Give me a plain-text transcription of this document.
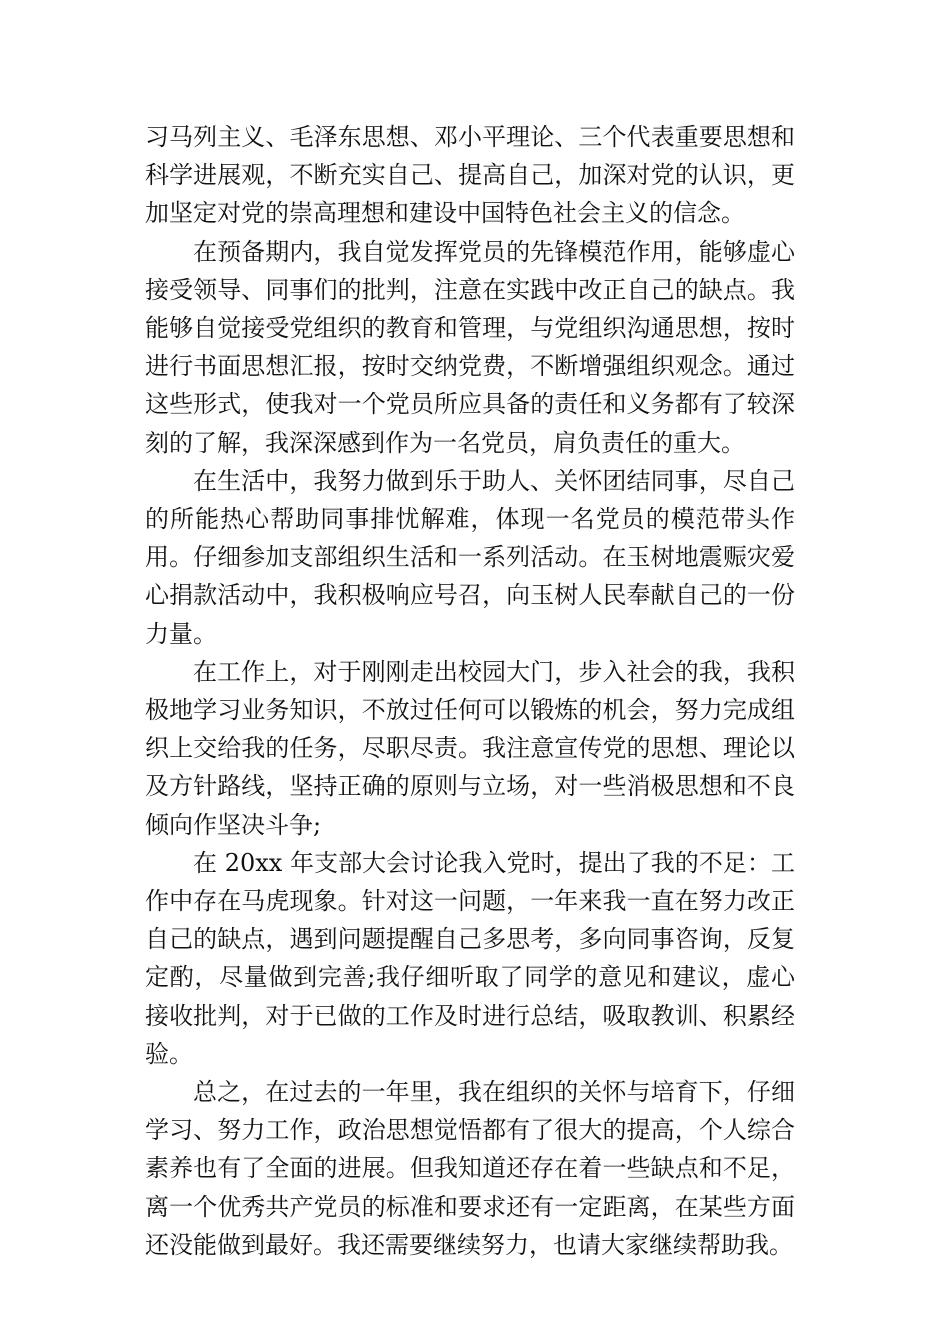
习马列主义、毛泽东思想、邓小平理论、三个代表重要思想和科学进展观，不断充实自己、提高自己，加深对党的认识，更加坚定对党的崇高理想和建设中国特色社会主义的信念。

在预备期内，我自觉发挥党员的先锋模范作用，能够虚心接受领导、同事们的批判，注意在实践中改正自己的缺点。我能够自觉接受党组织的教育和管理，与党组织沟通思想，按时进行书面思想汇报，按时交纳党费，不断增强组织观念。通过这些形式，使我对一个党员所应具备的责任和义务都有了较深刻的了解，我深深感到作为一名党员，肩负责任的重大。

在生活中，我努力做到乐于助人、关怀团结同事，尽自己的所能热心帮助同事排忧解难，体现一名党员的模范带头作用。仔细参加支部组织生活和一系列活动。在玉树地震赈灾爱心捐款活动中，我积极响应号召，向玉树人民奉献自己的一份力量。

在工作上，对于刚刚走出校园大门，步入社会的我，我积极地学习业务知识，不放过任何可以锻炼的机会，努力完成组织上交给我的任务，尽职尽责。我注意宣传党的思想、理论以及方针路线，坚持正确的原则与立场，对一些消极思想和不良倾向作坚决斗争;

在 20xx 年支部大会讨论我入党时，提出了我的不足：工作中存在马虎现象。针对这一问题，一年来我一直在努力改正自己的缺点，遇到问题提醒自己多思考，多向同事咨询，反复定酌，尽量做到完善;我仔细听取了同学的意见和建议，虚心接收批判，对于已做的工作及时进行总结，吸取教训、积累经验。

总之，在过去的一年里，我在组织的关怀与培育下，仔细学习、努力工作，政治思想觉悟都有了很大的提高，个人综合素养也有了全面的进展。但我知道还存在着一些缺点和不足，离一个优秀共产党员的标准和要求还有一定距离，在某些方面还没能做到最好。我还需要继续努力，也请大家继续帮助我。
